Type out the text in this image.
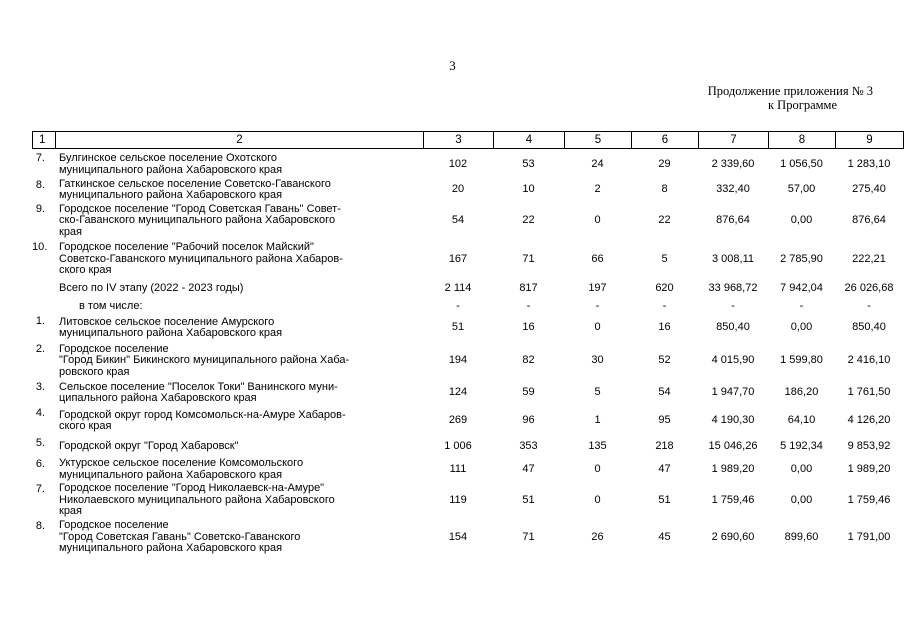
3
Продолжение приложения № 3
к Программе
1	2	3	4	5	6	7	8	9
7.	Булгинское сельское поселение Охотского
муниципального района Хабаровского края	102	53	24	29	2 339,60	1 056,50	1 283,10
8.	Гаткинское сельское поселение Советско-Гаванского
муниципального района Хабаровского края	20	10	2	8	332,40	57,00	275,40
9.	Городское поселение "Город Советская Гавань" Совет-
ско-Гаванского муниципального района Хабаровского
края	54	22	0	22	876,64	0,00	876,64
10.	Городское поселение "Рабочий поселок Майский"
Советско-Гаванского муниципального района Хабаров-
ского края	167	71	66	5	3 008,11	2 785,90	222,21

	Всего по IV этапу (2022 - 2023 годы)	2 114	817	197	620	33 968,72	7 942,04	26 026,68

	в том числе:	-	-	-	-	-	-	-
1.	Литовское сельское поселение Амурского
муниципального района Хабаровского края	51	16	0	16	850,40	0,00	850,40
2.	Городское поселение
"Город Бикин" Бикинского муниципального района Хаба-
ровского края	194	82	30	52	4 015,90	1 599,80	2 416,10
3.	Сельское поселение "Поселок Токи" Ванинского муни-
ципального района Хабаровского края	124	59	5	54	1 947,70	186,20	1 761,50
4.	Городской округ город Комсомольск-на-Амуре Хабаров-
ского края	269	96	1	95	4 190,30	64,10	4 126,20
5.	Городской округ "Город Хабаровск"	1 006	353	135	218	15 046,26	5 192,34	9 853,92
6.	Уктурское сельское поселение Комсомольского
муниципального района Хабаровского края	111	47	0	47	1 989,20	0,00	1 989,20
7.	Городское поселение "Город Николаевск-на-Амуре"
Николаевского муниципального района Хабаровского
края	119	51	0	51	1 759,46	0,00	1 759,46
8.	Городское поселение
"Город Советская Гавань" Советско-Гаванского
муниципального района Хабаровского края	154	71	26	45	2 690,60	899,60	1 791,00
